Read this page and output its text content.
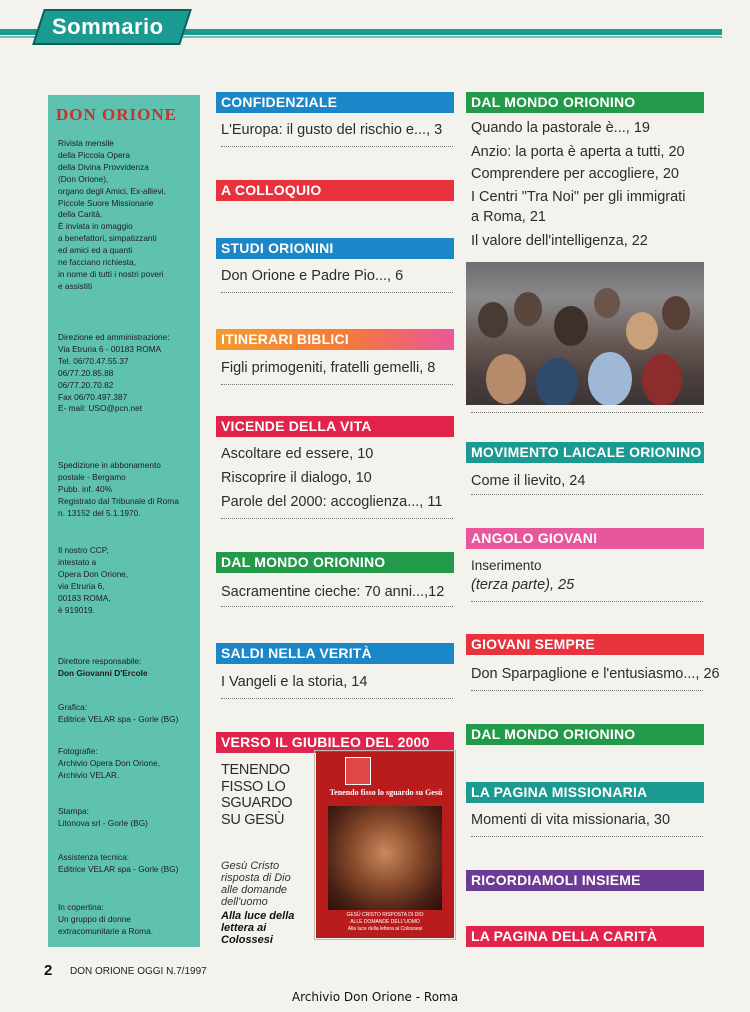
Sommario
DON ORIONE
Rivista mensile
della Piccola Opera
della Divina Provvidenza
(Don Orione),
organo degli Amici, Ex-allievi,
Piccole Suore Missionarie
della Carità.
È inviata in omaggio
a benefattori, simpatizzanti
ed amici ed a quanti
ne facciano richiesta,
in nome di tutti i nostri poveri
e assistiti
Direzione ed amministrazione:
Via Etruria 6 - 00183 ROMA
Tel. 06/70.47.55.37
06/77.20.85.88
06/77.20.70.82
Fax 06/70.497.387
E- mail: USO@pcn.net
Spedizione in abbonamento
postale - Bergamo
Pubb. inf. 40%
Registrato dal Tribunale di Roma
n. 13152 del 5.1.1970.
Il nostro CCP,
intestato a
Opera Don Orione,
via Etruria 6,
00183 ROMA,
è 919019.
Direttore responsabile:
Don Giovanni D'Ercole
Grafica:
Editrice VELAR spa - Gorle (BG)
Fotografie:
Archivio Opera Don Orione,
Archivio VELAR.
Stampa:
Litonova srl - Gorle (BG)
Assistenza tecnica:
Editrice VELAR spa - Gorle (BG)
In copertina:
Un gruppo di donne
extracomunitarie a Roma.
CONFIDENZIALE
L'Europa: il gusto del rischio e..., 3
A COLLOQUIO
STUDI ORIONINI
Don Orione e Padre Pio..., 6
ITINERARI BIBLICI
Figli primogeniti, fratelli gemelli, 8
VICENDE DELLA VITA
Ascoltare ed essere, 10
Riscoprire il dialogo, 10
Parole del 2000: accoglienza..., 11
DAL MONDO ORIONINO
Sacramentine cieche: 70 anni...,12
SALDI NELLA VERITÀ
I Vangeli e la storia, 14
VERSO IL GIUBILEO DEL 2000
TENENDO
FISSO LO
SGUARDO
SU GESÙ
Gesù Cristo
risposta di Dio
alle domande
dell'uomo
Alla luce della
lettera ai Colossesi
Tenendo fisso lo sguardo su Gesù
GESÙ CRISTO RISPOSTA DI DIO
ALLE DOMANDE DELL'UOMO
Alla luce della lettera ai Colossesi
DAL MONDO ORIONINO
Quando la pastorale è..., 19
Anzio: la porta è aperta a tutti, 20
Comprendere per accogliere, 20
I Centri "Tra Noi" per gli immigrati
a Roma, 21
Il valore dell'intelligenza, 22
MOVIMENTO LAICALE ORIONINO
Come il lievito, 24
ANGOLO GIOVANI
Inserimento
(terza parte), 25
GIOVANI SEMPRE
Don Sparpaglione e l'entusiasmo..., 26
DAL MONDO ORIONINO
LA PAGINA MISSIONARIA
Momenti di vita missionaria, 30
RICORDIAMOLI INSIEME
LA PAGINA DELLA CARITÀ
2 DON ORIONE OGGI N.7/1997
Archivio Don Orione - Roma
